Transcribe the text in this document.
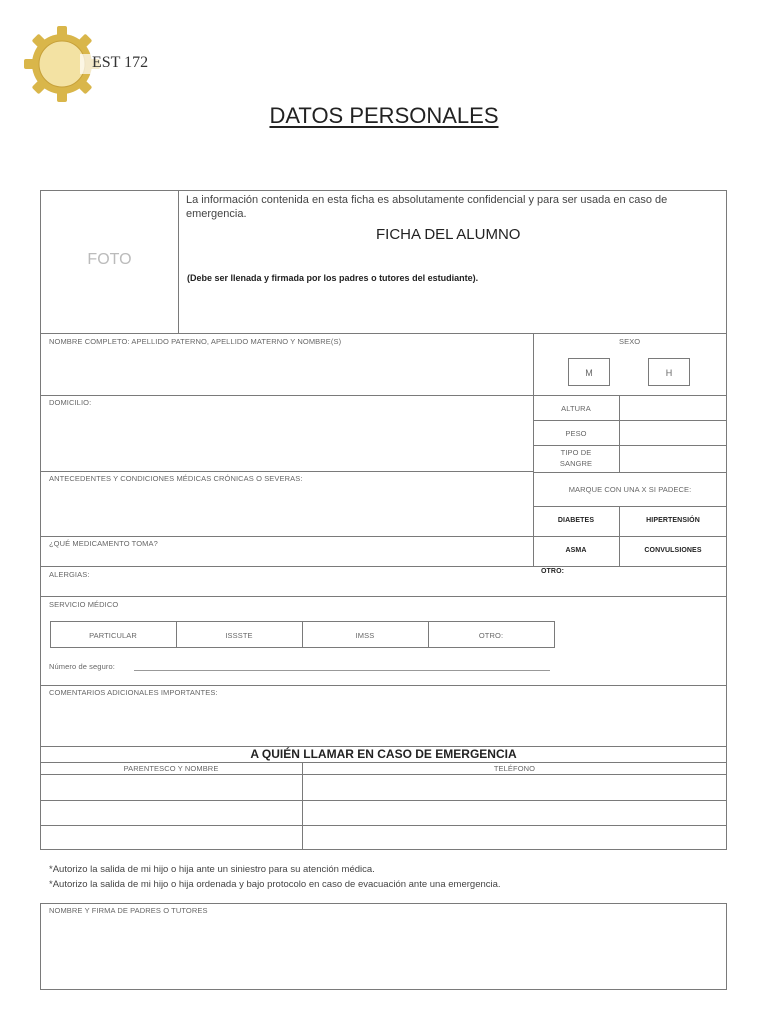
EST 172
DATOS PERSONALES
FOTO
La información contenida en esta ficha es absolutamente confidencial y para ser usada en caso de emergencia.
FICHA DEL ALUMNO
(Debe ser llenada y firmada por los padres o tutores del estudiante).
NOMBRE COMPLETO: APELLIDO PATERNO, APELLIDO MATERNO Y NOMBRE(S)	SEXO
M	H
DOMICILIO:
ALTURA
PESO
TIPO DE
SANGRE
ANTECEDENTES Y CONDICIONES MÉDICAS CRÓNICAS O SEVERAS:
MARQUE CON UNA X SI PADECE:
DIABETES	HIPERTENSIÓN
¿QUÉ MEDICAMENTO TOMA?
ASMA	CONVULSIONES
ALERGIAS:	OTRO:
SERVICIO MÉDICO
PARTICULAR	ISSSTE	IMSS	OTRO:
Número de seguro:
COMENTARIOS ADICIONALES IMPORTANTES:
A QUIÉN LLAMAR EN CASO DE EMERGENCIA
PARENTESCO Y NOMBRE	TELÉFONO
*Autorizo la salida de mi hijo o hija ante un siniestro para su atención médica.
*Autorizo la salida de mi hijo o hija ordenada y bajo protocolo en caso de evacuación ante una emergencia.
NOMBRE Y FIRMA DE PADRES O TUTORES
